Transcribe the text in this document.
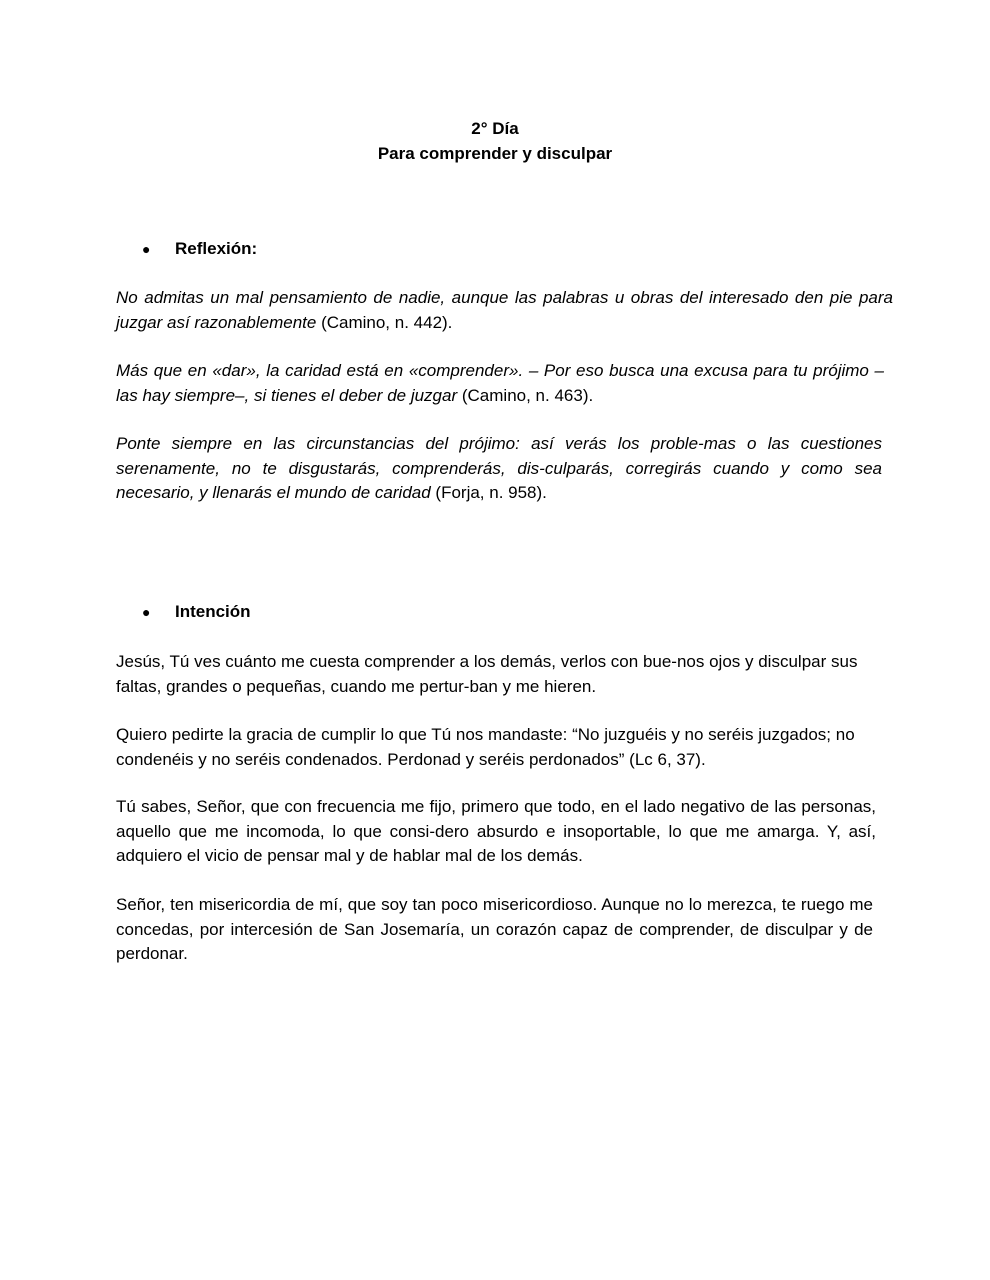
2° Día
Para comprender y disculpar
●	Reflexión:

No admitas un mal pensamiento de nadie, aunque las palabras u obras del interesado den pie para juzgar así razonablemente (Camino, n. 442).

Más que en «dar», la caridad está en «comprender». – Por eso busca una excusa para tu prójimo –las hay siempre–, si tienes el deber de juzgar (Camino, n. 463).

Ponte siempre en las circunstancias del prójimo: así verás los proble-mas o las cuestiones serenamente, no te disgustarás, comprenderás, dis-culparás, corregirás cuando y como sea necesario, y llenarás el mundo de caridad (Forja, n. 958).

●	Intención

Jesús, Tú ves cuánto me cuesta comprender a los demás, verlos con bue-nos ojos y disculpar sus faltas, grandes o pequeñas, cuando me pertur-ban y me hieren.

Quiero pedirte la gracia de cumplir lo que Tú nos mandaste: “No juzguéis y no seréis juzgados; no condenéis y no seréis condenados. Perdonad y seréis perdonados” (Lc 6, 37).

Tú sabes, Señor, que con frecuencia me fijo, primero que todo, en el lado negativo de las personas, aquello que me incomoda, lo que consi-dero absurdo e insoportable, lo que me amarga. Y, así, adquiero el vicio de pensar mal y de hablar mal de los demás.

Señor, ten misericordia de mí, que soy tan poco misericordioso. Aunque no lo merezca, te ruego me concedas, por intercesión de San Josemaría, un corazón capaz de comprender, de disculpar y de perdonar.
